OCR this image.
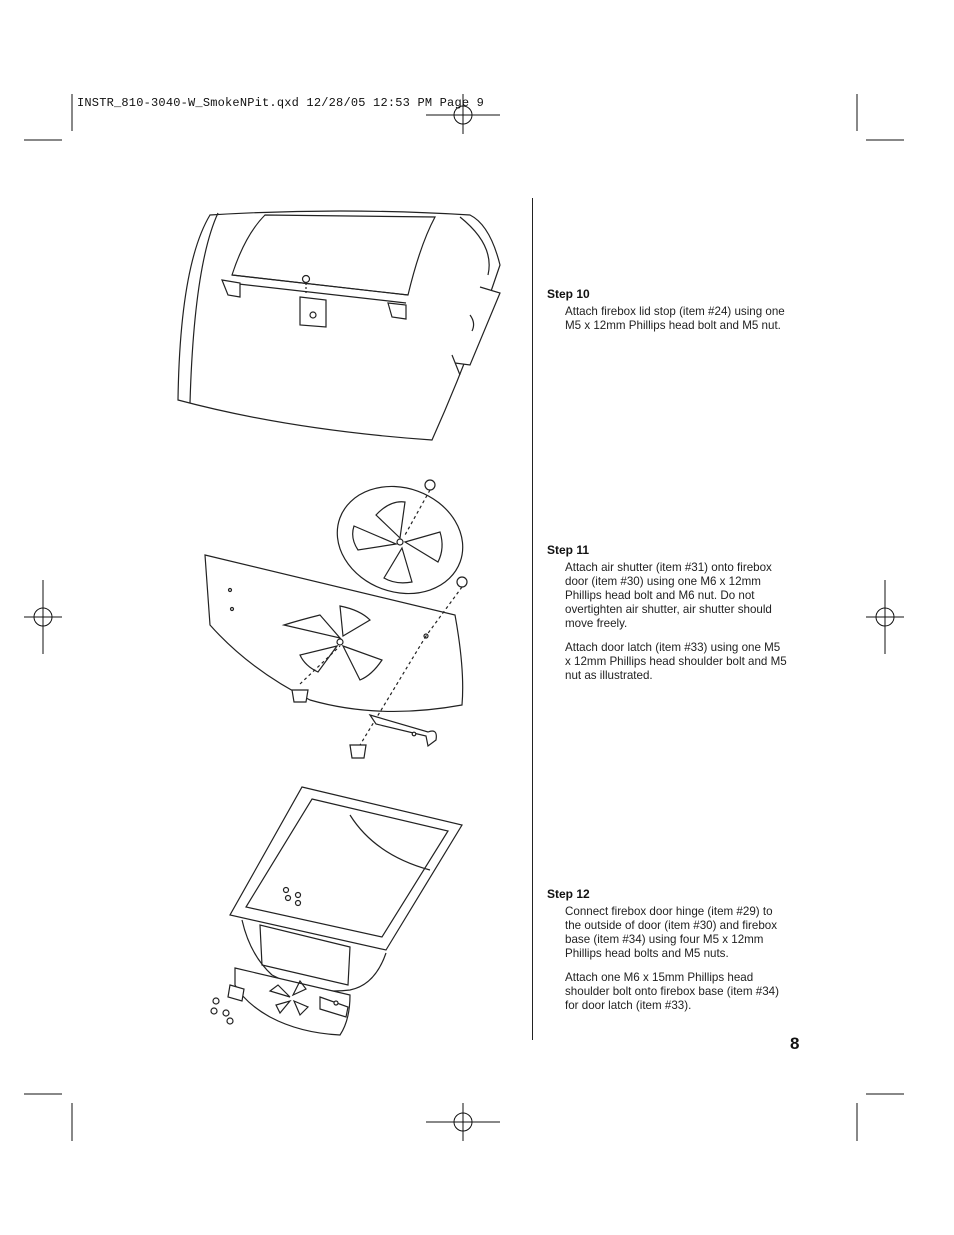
INSTR_810-3040-W_SmokeNPit.qxd 12/28/05 12:53 PM Page 9
Step 10

Attach firebox lid stop (item #24) using one M5 x 12mm Phillips head bolt and M5 nut.

Step 11

Attach air shutter (item #31) onto firebox door (item #30) using one M6 x 12mm Phillips head bolt and M6 nut. Do not overtighten air shutter, air shutter should move freely.

Attach door latch (item #33) using one M5 x 12mm Phillips head shoulder bolt and M5 nut as illustrated.

Step 12

Connect firebox door hinge (item #29) to the outside of door (item #30) and firebox base (item #34) using four M5 x 12mm Phillips head bolts and M5 nuts.

Attach one M6 x 15mm Phillips head shoulder bolt onto firebox base (item #34) for door latch (item #33).

8
